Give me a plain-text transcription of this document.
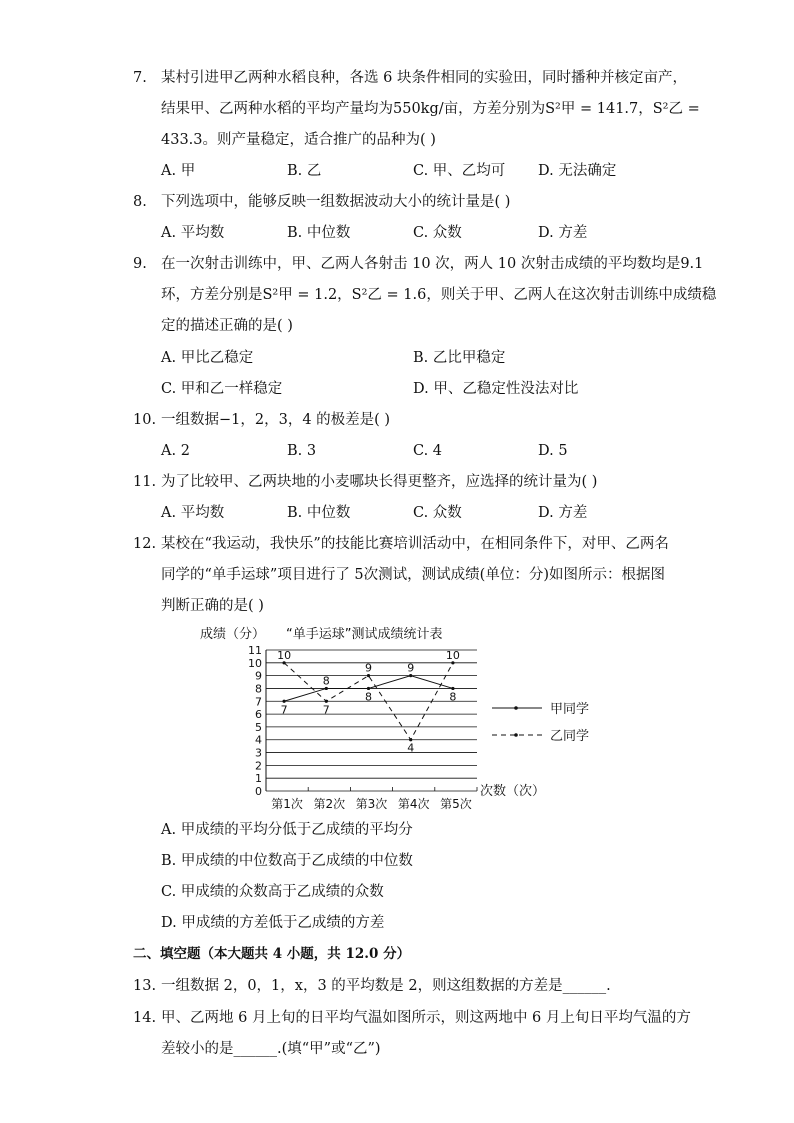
7. 某村引进甲乙两种水稻良种，各选 6 块条件相同的实验田，同时播种并核定亩产，
结果甲、乙两种水稻的平均产量均为550kg/亩，方差分别为S²甲 = 141.7，S²乙 =
433.3。则产量稳定，适合推广的品种为( )
A. 甲	B. 乙	C. 甲、乙均可 D. 无法确定
8. 下列选项中，能够反映一组数据波动大小的统计量是( )
A. 平均数	B. 中位数	C. 众数	D. 方差
9. 在一次射击训练中，甲、乙两人各射击 10 次，两人 10 次射击成绩的平均数均是9.1
环，方差分别是S²甲 = 1.2，S²乙 = 1.6，则关于甲、乙两人在这次射击训练中成绩稳
定的描述正确的是( )
A. 甲比乙稳定	B. 乙比甲稳定
C. 甲和乙一样稳定	D. 甲、乙稳定性没法对比
10. 一组数据−1，2，3，4 的极差是( )
A. 2	B. 3	C. 4	D. 5
11. 为了比较甲、乙两块地的小麦哪块长得更整齐，应选择的统计量为( )
A. 平均数	B. 中位数	C. 众数	D. 方差
12. 某校在“我运动，我快乐”的技能比赛培训活动中，在相同条件下，对甲、乙两名
同学的“单手运球”项目进行了 5次测试，测试成绩(单位：分)如图所示：根据图
判断正确的是( )
成绩（分） “单手运球”测试成绩统计表
0
1
2
3
4
5
6
7
8
9
10
11
第1次 第2次 第3次 第4次 第5次
7
8
8
9
8
10
7
9
4
10
次数（次）
甲同学
乙同学
A. 甲成绩的平均分低于乙成绩的平均分
B. 甲成绩的中位数高于乙成绩的中位数
C. 甲成绩的众数高于乙成绩的众数
D. 甲成绩的方差低于乙成绩的方差
二、填空题（本大题共 4 小题，共 12.0 分）
13. 一组数据 2，0，1，x，3 的平均数是 2，则这组数据的方差是______.
14. 甲、乙两地 6 月上旬的日平均气温如图所示，则这两地中 6 月上旬日平均气温的方
差较小的是______.(填“甲”或“乙”)
